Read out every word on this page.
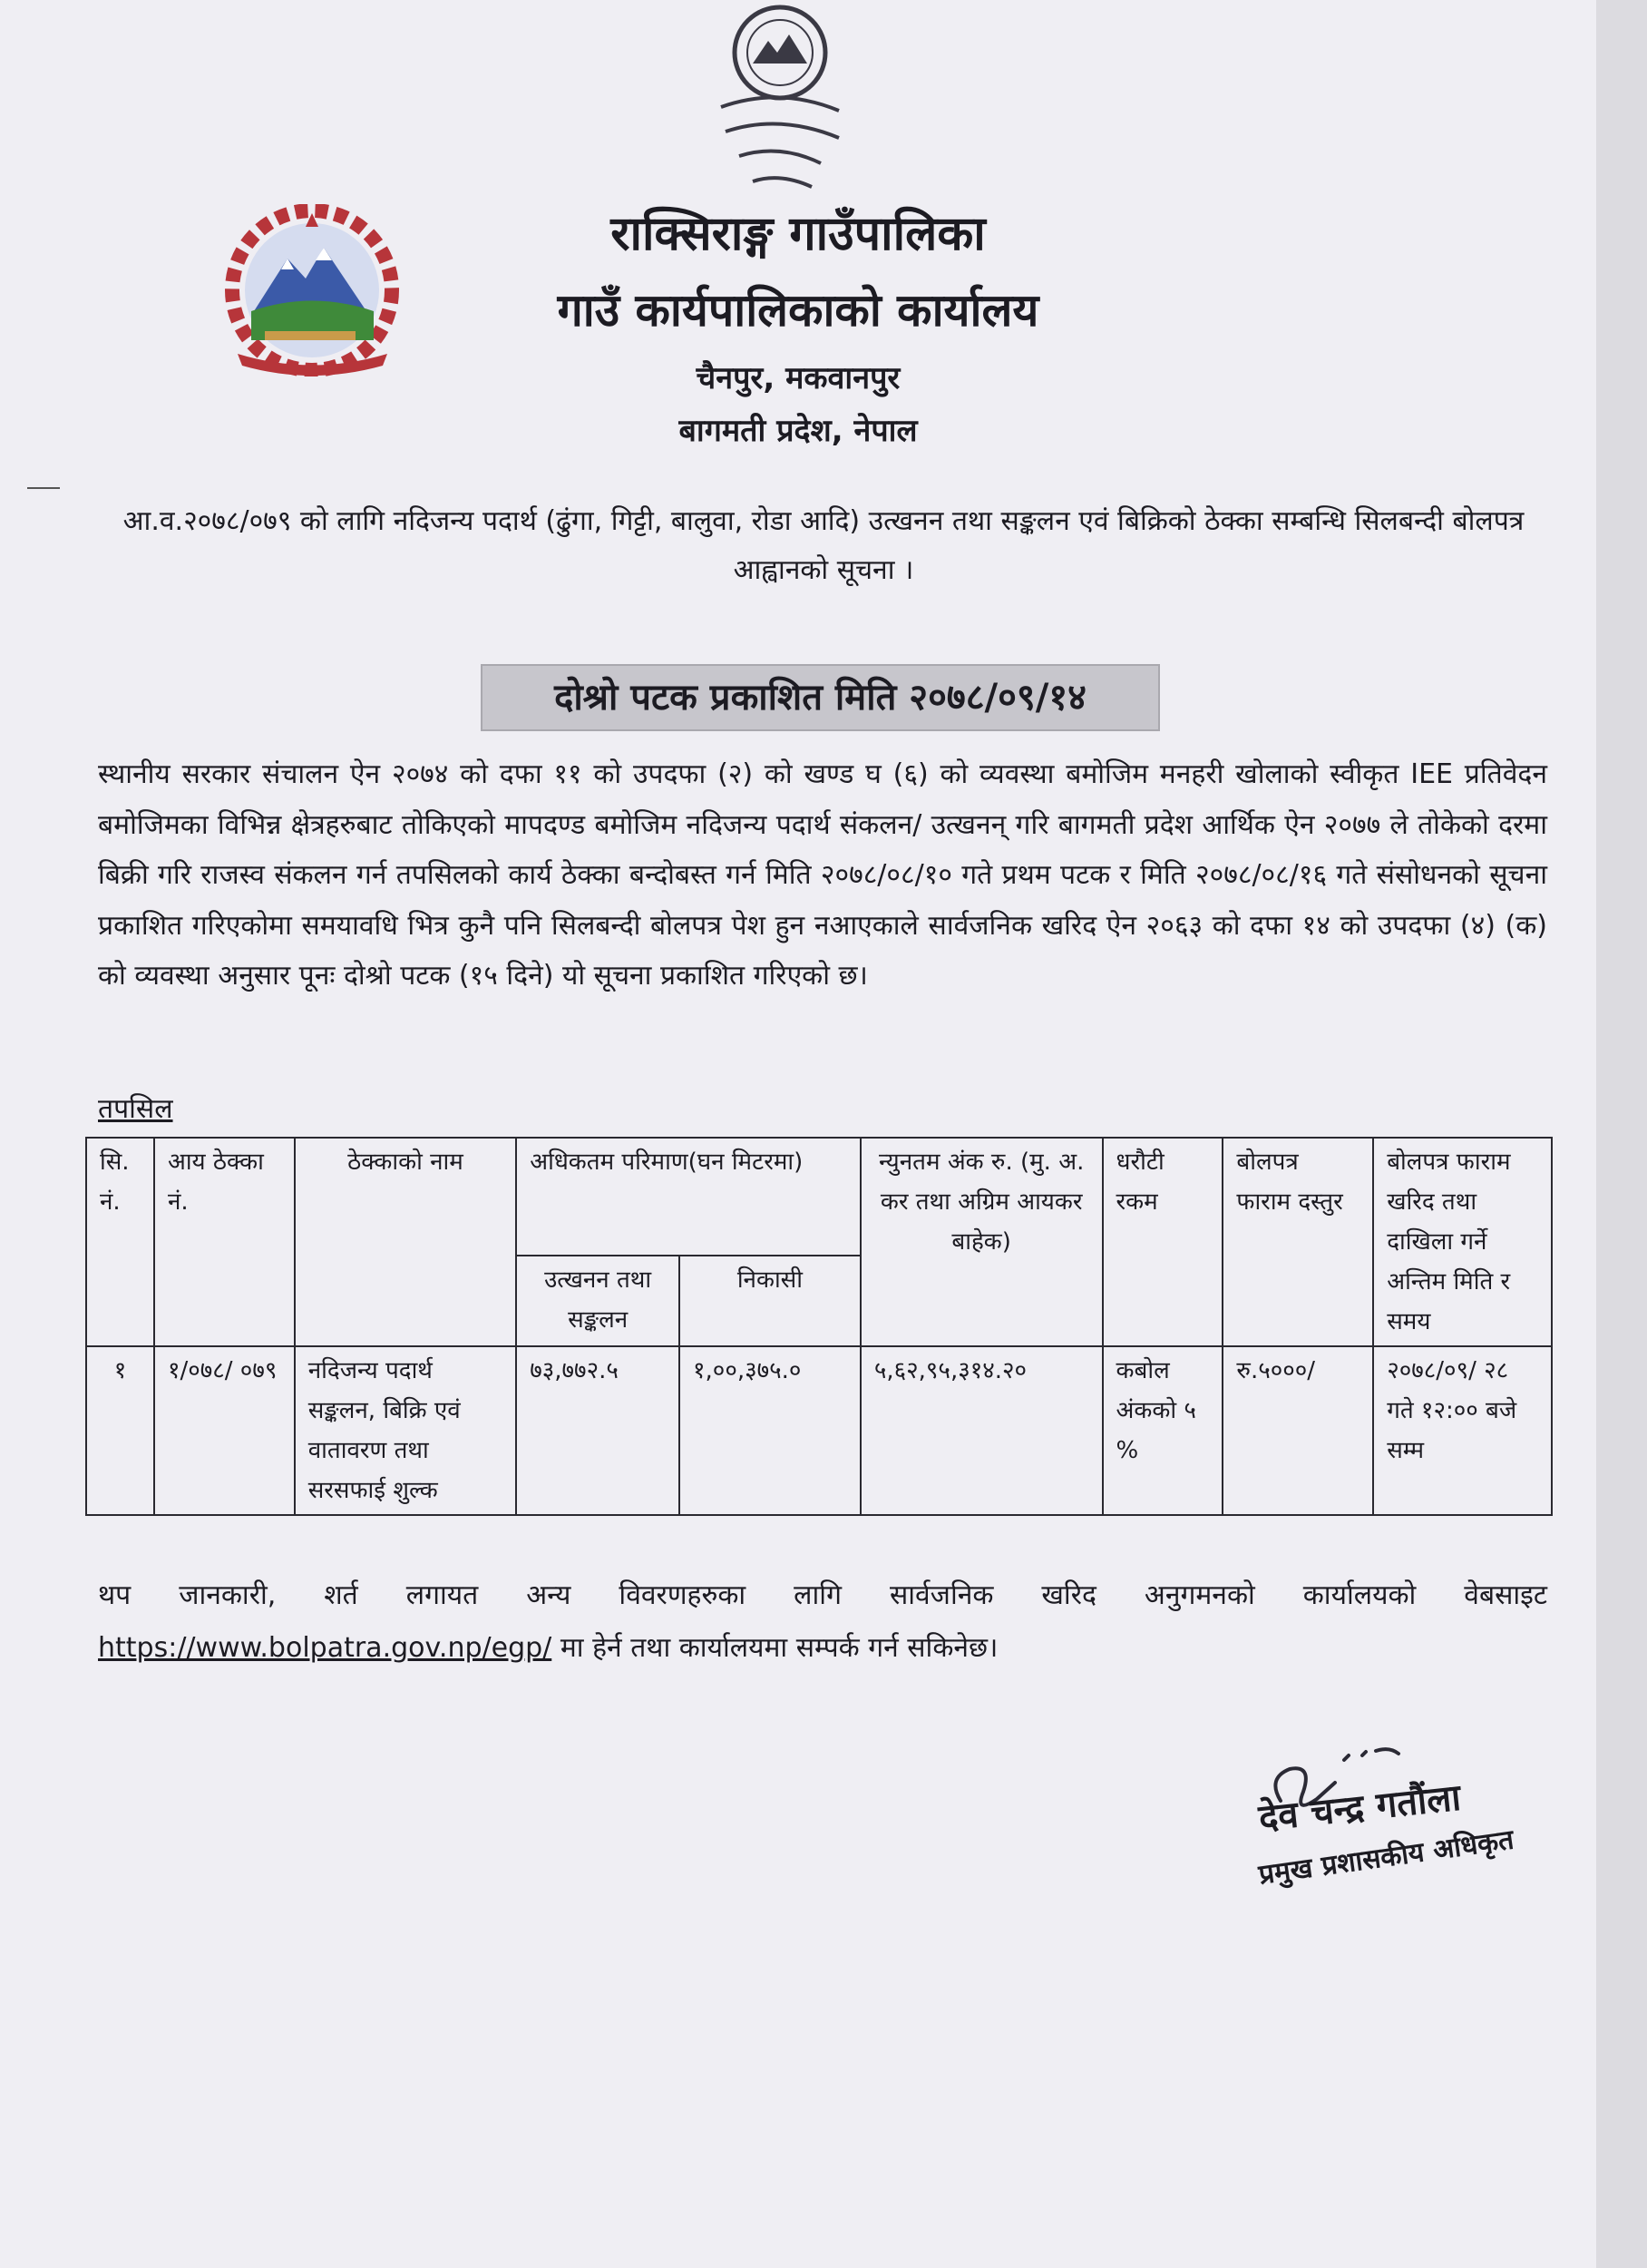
राक्सिराङ्ग गाउँपालिका
गाउँ कार्यपालिकाको कार्यालय
चैनपुर, मकवानपुर
बागमती प्रदेश, नेपाल
आ.व.२०७८/०७९ को लागि नदिजन्य पदार्थ (ढुंगा, गिट्टी, बालुवा, रोडा आदि) उत्खनन तथा सङ्कलन एवं बिक्रिको ठेक्का सम्बन्धि सिलबन्दी बोलपत्र आह्वानको सूचना ।
दोश्रो पटक प्रकाशित मिति २०७८/०९/१४
स्थानीय सरकार संचालन ऐन २०७४ को दफा ११ को उपदफा (२) को खण्ड घ (६) को व्यवस्था बमोजिम मनहरी खोलाको स्वीकृत IEE प्रतिवेदन बमोजिमका विभिन्न क्षेत्रहरुबाट तोकिएको मापदण्ड बमोजिम नदिजन्य पदार्थ संकलन/ उत्खनन् गरि बागमती प्रदेश आर्थिक ऐन २०७७ ले तोकेको दरमा बिक्री गरि राजस्व संकलन गर्न तपसिलको कार्य ठेक्का बन्दोबस्त गर्न मिति २०७८/०८/१० गते प्रथम पटक र मिति २०७८/०८/१६ गते संसोधनको सूचना प्रकाशित गरिएकोमा समयावधि भित्र कुनै पनि सिलबन्दी बोलपत्र पेश हुन नआएकाले सार्वजनिक खरिद ऐन २०६३ को दफा १४ को उपदफा (४) (क) को व्यवस्था अनुसार पूनः दोश्रो पटक (१५ दिने) यो सूचना प्रकाशित गरिएको छ।
तपसिल
सि. नं.	आय ठेक्का नं.	ठेक्काको नाम	अधिकतम परिमाण(घन मिटरमा)		न्युनतम अंक रु. (मु. अ. कर तथा अग्रिम आयकर बाहेक)	धरौटी रकम	बोलपत्र फाराम दस्तुर	बोलपत्र फाराम खरिद तथा दाखिला गर्ने अन्तिम मिति र समय
			उत्खनन तथा सङ्कलन	निकासी				
१	१/०७८/ ०७९	नदिजन्य पदार्थ सङ्कलन, बिक्रि एवं वातावरण तथा सरसफाई शुल्क	७३,७७२.५	१,००,३७५.०	५,६२,९५,३१४.२०	कबोल अंकको ५ %	रु.५०००/	२०७८/०९/ २८ गते १२:०० बजे सम्म
थप जानकारी, शर्त लगायत अन्य विवरणहरुका लागि सार्वजनिक खरिद अनुगमनको कार्यालयको वेबसाइट https://www.bolpatra.gov.np/egp/ मा हेर्न तथा कार्यालयमा सम्पर्क गर्न सकिनेछ।
देव चन्द्र गतौंला
प्रमुख प्रशासकीय अधिकृत
